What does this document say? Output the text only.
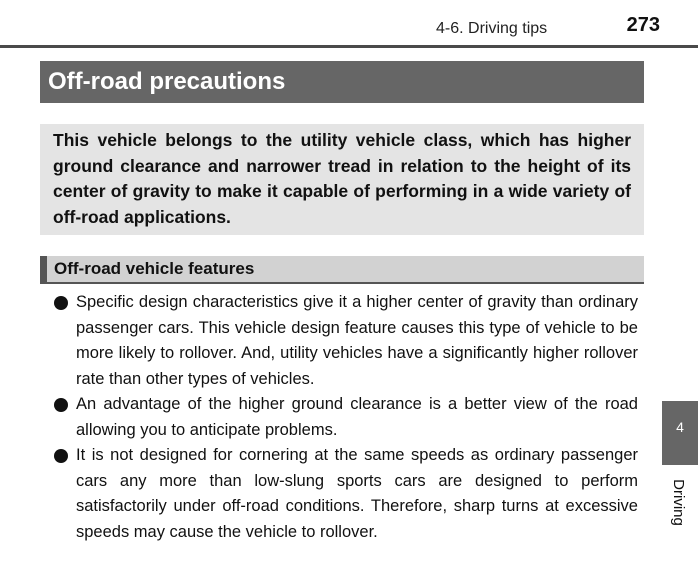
4-6. Driving tips	273
Off-road precautions
This vehicle belongs to the utility vehicle class, which has higher ground clearance and narrower tread in relation to the height of its center of gravity to make it capable of performing in a wide variety of off-road applications.
Off-road vehicle features
Specific design characteristics give it a higher center of gravity than ordinary passenger cars. This vehicle design feature causes this type of vehicle to be more likely to rollover. And, utility vehicles have a significantly higher rollover rate than other types of vehicles.
An advantage of the higher ground clearance is a better view of the road allowing you to anticipate problems.
It is not designed for cornering at the same speeds as ordinary passenger cars any more than low-slung sports cars are designed to perform satisfactorily under off-road conditions. Therefore, sharp turns at excessive speeds may cause the vehicle to rollover.
4
Driving
